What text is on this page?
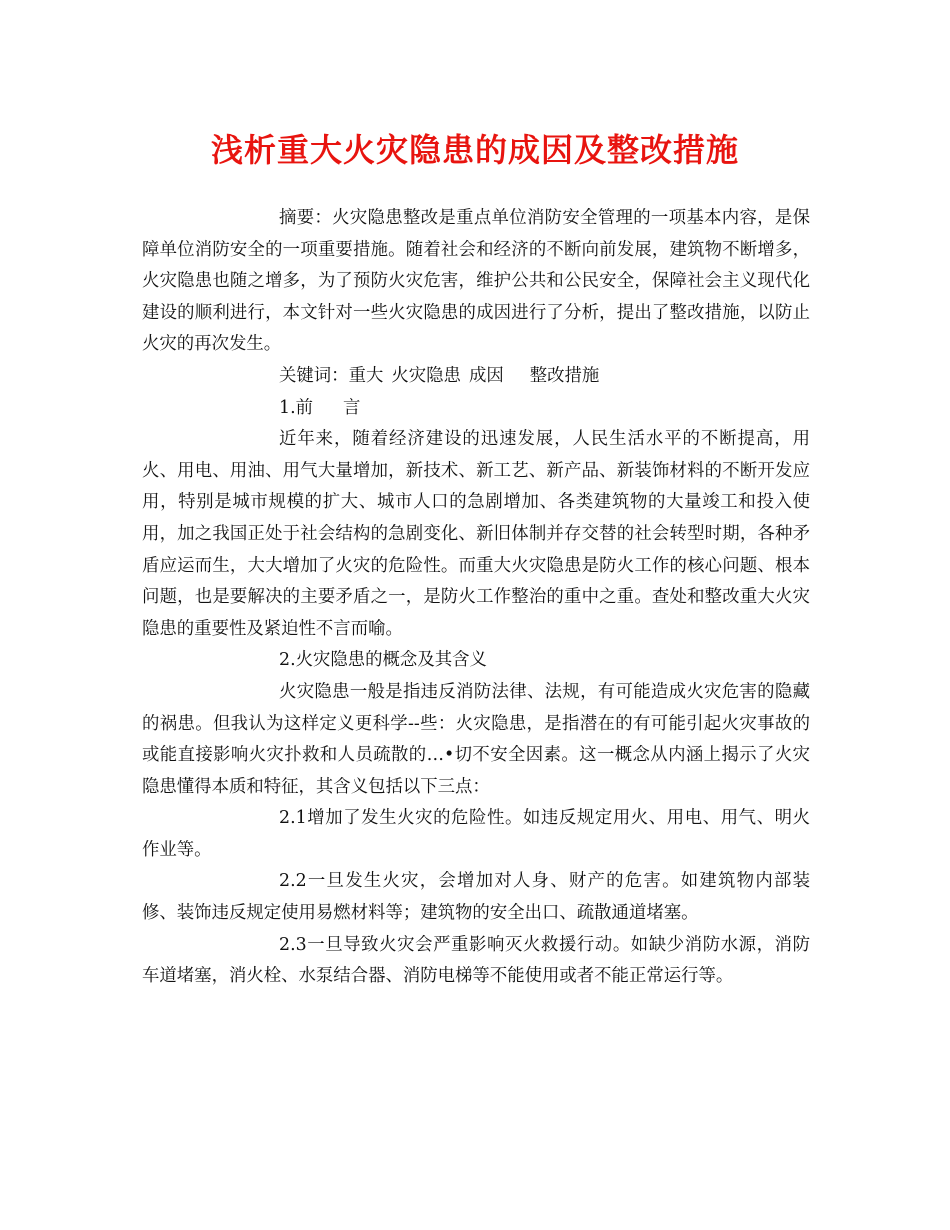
浅析重大火灾隐患的成因及整改措施

摘要：火灾隐患整改是重点单位消防安全管理的一项基本内容，是保障单位消防安全的一项重要措施。随着社会和经济的不断向前发展，建筑物不断增多，火灾隐患也随之增多，为了预防火灾危害，维护公共和公民安全，保障社会主义现代化建设的顺利进行，本文针对一些火灾隐患的成因进行了分析，提出了整改措施，以防止火灾的再次发生。

关键词：重大 火灾隐患 成因 整改措施

1.前 言

近年来，随着经济建设的迅速发展，人民生活水平的不断提高，用火、用电、用油、用气大量增加，新技术、新工艺、新产品、新装饰材料的不断开发应用，特别是城市规模的扩大、城市人口的急剧增加、各类建筑物的大量竣工和投入使用，加之我国正处于社会结构的急剧变化、新旧体制并存交替的社会转型时期，各种矛盾应运而生，大大增加了火灾的危险性。而重大火灾隐患是防火工作的核心问题、根本问题，也是要解决的主要矛盾之一，是防火工作整治的重中之重。查处和整改重大火灾隐患的重要性及紧迫性不言而喻。

2.火灾隐患的概念及其含义

火灾隐患一般是指违反消防法律、法规，有可能造成火灾危害的隐藏的祸患。但我认为这样定义更科学--些：火灾隐患，是指潜在的有可能引起火灾事故的或能直接影响火灾扑救和人员疏散的…•切不安全因素。这一概念从内涵上揭示了火灾隐患懂得本质和特征，其含义包括以下三点：

2.1增加了发生火灾的危险性。如违反规定用火、用电、用气、明火作业等。

2.2一旦发生火灾，会增加对人身、财产的危害。如建筑物内部装修、装饰违反规定使用易燃材料等；建筑物的安全出口、疏散通道堵塞。

2.3一旦导致火灾会严重影响灭火救援行动。如缺少消防水源，消防车道堵塞，消火栓、水泵结合器、消防电梯等不能使用或者不能正常运行等。
